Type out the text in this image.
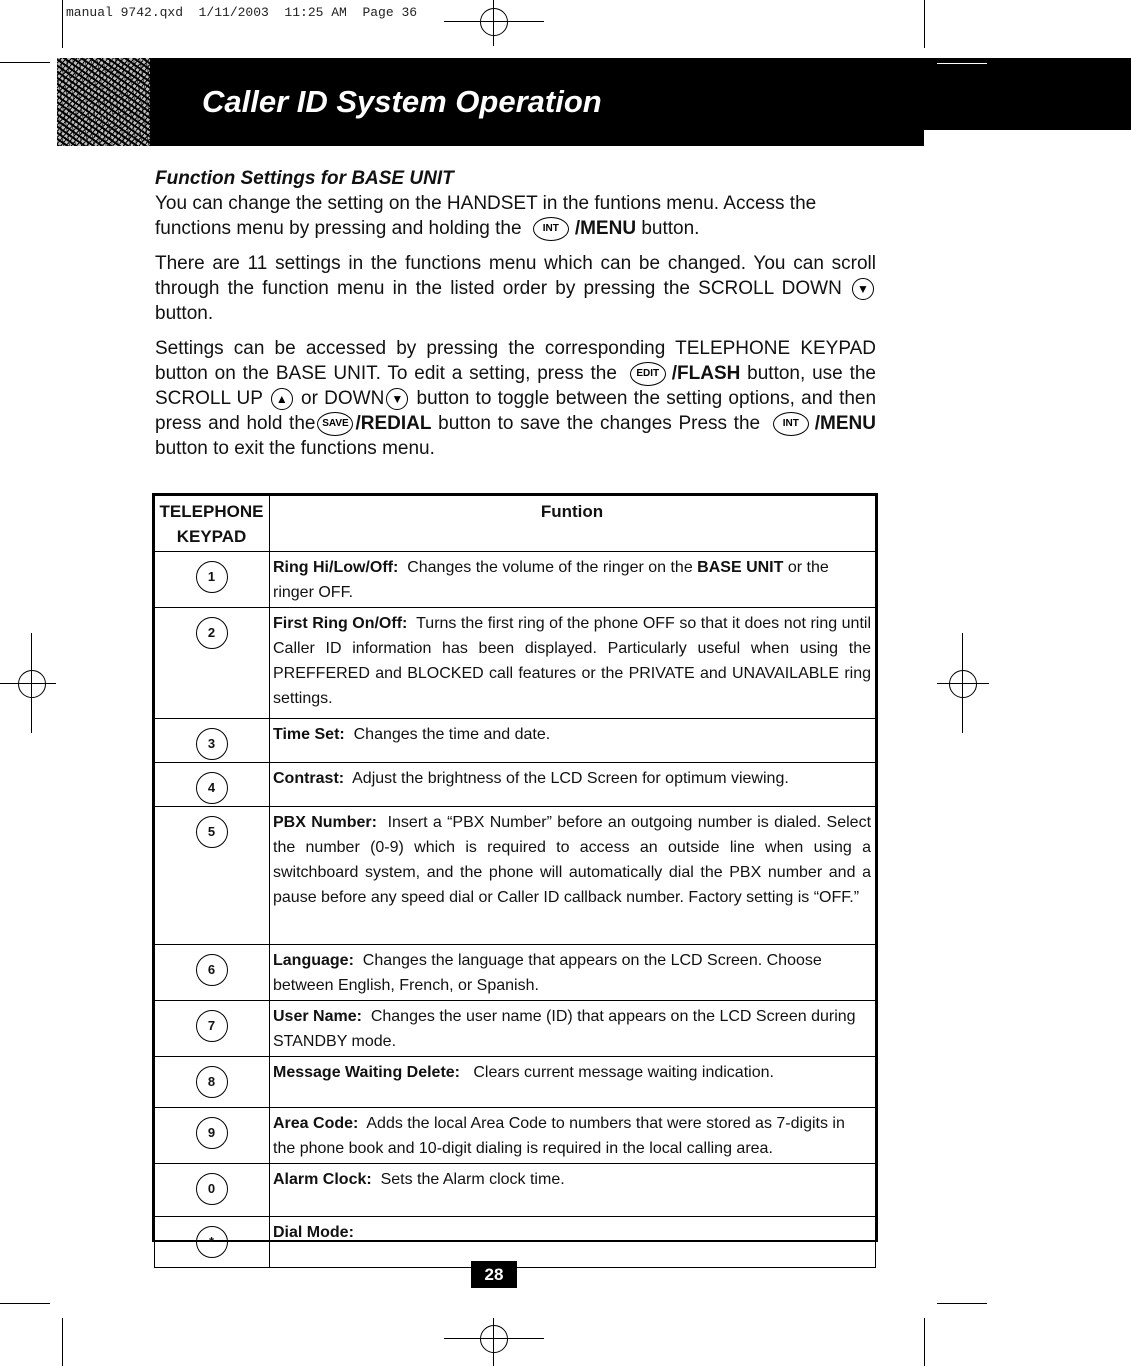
manual 9742.qxd  1/11/2003  11:25 AM  Page 36
Caller ID System Operation
Function Settings for BASE UNIT

You can change the setting on the HANDSET in the funtions menu. Access the functions menu by pressing and holding the INT /MENU button.

There are 11 settings in the functions menu which can be changed. You can scroll through the function menu in the listed order by pressing the SCROLL DOWN ▼ button.

Settings can be accessed by pressing the corresponding TELEPHONE KEYPAD button on the BASE UNIT. To edit a setting, press the EDIT /FLASH button, use the SCROLL UP ▲ or DOWN ▼ button to toggle between the setting options, and then press and hold the SAVE /REDIAL button to save the changes Press the INT /MENU button to exit the functions menu.

TELEPHONE
KEYPAD	Funtion
1	Ring Hi/Low/Off: Changes the volume of the ringer on the BASE UNIT or the ringer OFF.
2	First Ring On/Off: Turns the first ring of the phone OFF so that it does not ring until Caller ID information has been displayed. Particularly useful when using the PREFFERED and BLOCKED call features or the PRIVATE and UNAVAILABLE ring settings.
3	Time Set: Changes the time and date.
4	Contrast: Adjust the brightness of the LCD Screen for optimum viewing.
5	PBX Number: Insert a “PBX Number” before an outgoing number is dialed. Select the number (0-9) which is required to access an outside line when using a switchboard system, and the phone will automatically dial the PBX number and a pause before any speed dial or Caller ID callback number. Factory setting is “OFF.”
6	Language: Changes the language that appears on the LCD Screen. Choose between English, French, or Spanish.
7	User Name: Changes the user name (ID) that appears on the LCD Screen during STANDBY mode.
8	Message Waiting Delete: Clears current message waiting indication.
9	Area Code: Adds the local Area Code to numbers that were stored as 7-digits in the phone book and 10-digit dialing is required in the local calling area.
0	Alarm Clock: Sets the Alarm clock time.
*	Dial Mode:
28
